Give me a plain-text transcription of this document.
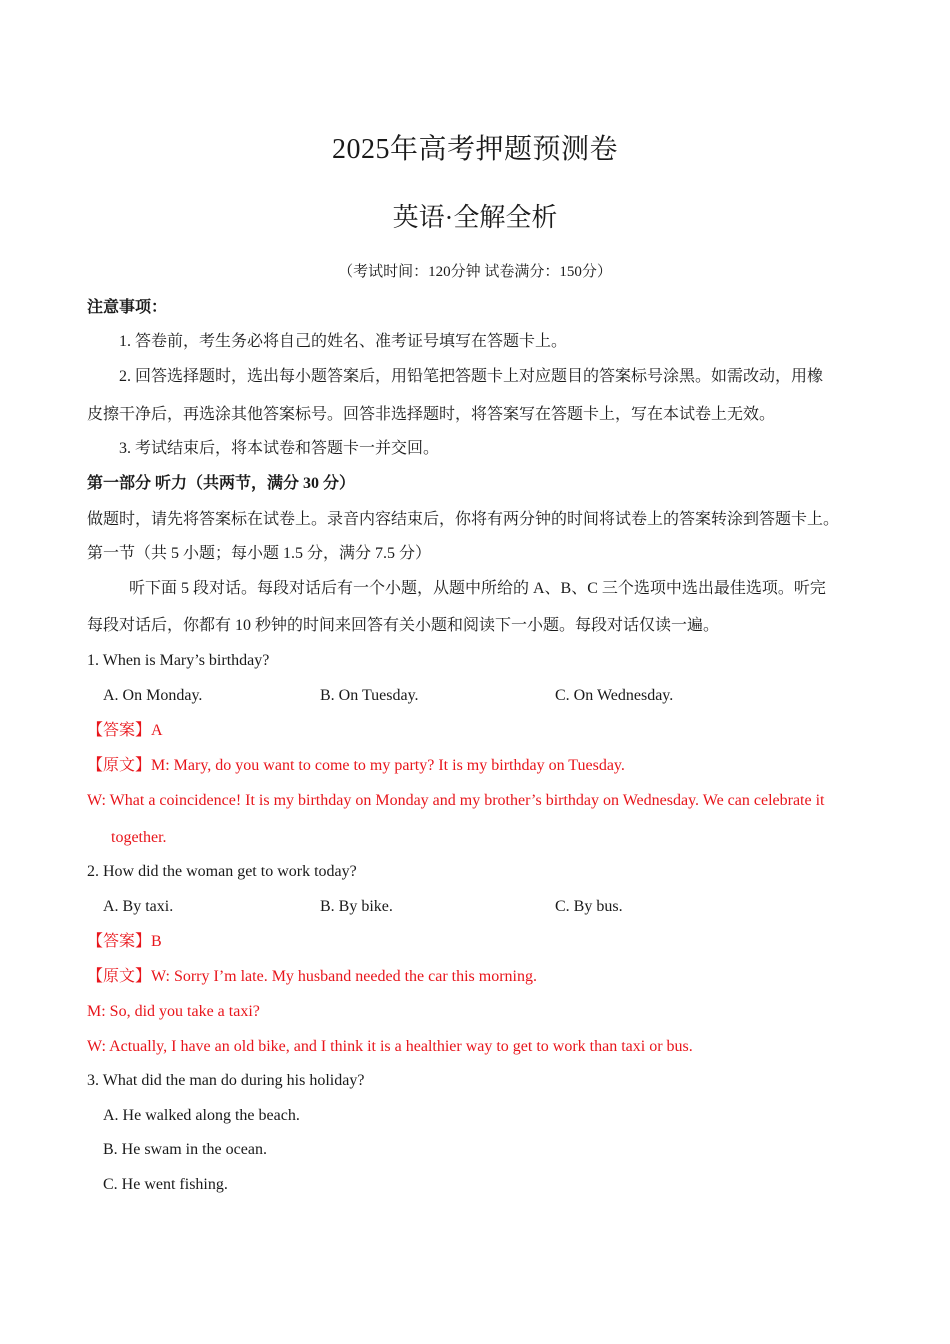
2025年高考押题预测卷
英语·全解全析
（考试时间：120分钟 试卷满分：150分）
注意事项：
1. 答卷前，考生务必将自己的姓名、准考证号填写在答题卡上。
2. 回答选择题时，选出每小题答案后，用铅笔把答题卡上对应题目的答案标号涂黑。如需改动，用橡
皮擦干净后，再选涂其他答案标号。回答非选择题时，将答案写在答题卡上，写在本试卷上无效。
3. 考试结束后，将本试卷和答题卡一并交回。
第一部分 听力（共两节，满分 30 分）
做题时，请先将答案标在试卷上。录音内容结束后，你将有两分钟的时间将试卷上的答案转涂到答题卡上。
第一节（共 5 小题；每小题 1.5 分，满分 7.5 分）
听下面 5 段对话。每段对话后有一个小题，从题中所给的 A、B、C 三个选项中选出最佳选项。听完
每段对话后，你都有 10 秒钟的时间来回答有关小题和阅读下一小题。每段对话仅读一遍。
1. When is Mary’s birthday?
A. On Monday.	B. On Tuesday.	C. On Wednesday.
【答案】A
【原文】M: Mary, do you want to come to my party? It is my birthday on Tuesday.
W: What a coincidence! It is my birthday on Monday and my brother’s birthday on Wednesday. We can celebrate it
together.
2. How did the woman get to work today?
A. By taxi.	B. By bike.	C. By bus.
【答案】B
【原文】W: Sorry I’m late. My husband needed the car this morning.
M: So, did you take a taxi?
W: Actually, I have an old bike, and I think it is a healthier way to get to work than taxi or bus.
3. What did the man do during his holiday?
A. He walked along the beach.
B. He swam in the ocean.
C. He went fishing.
